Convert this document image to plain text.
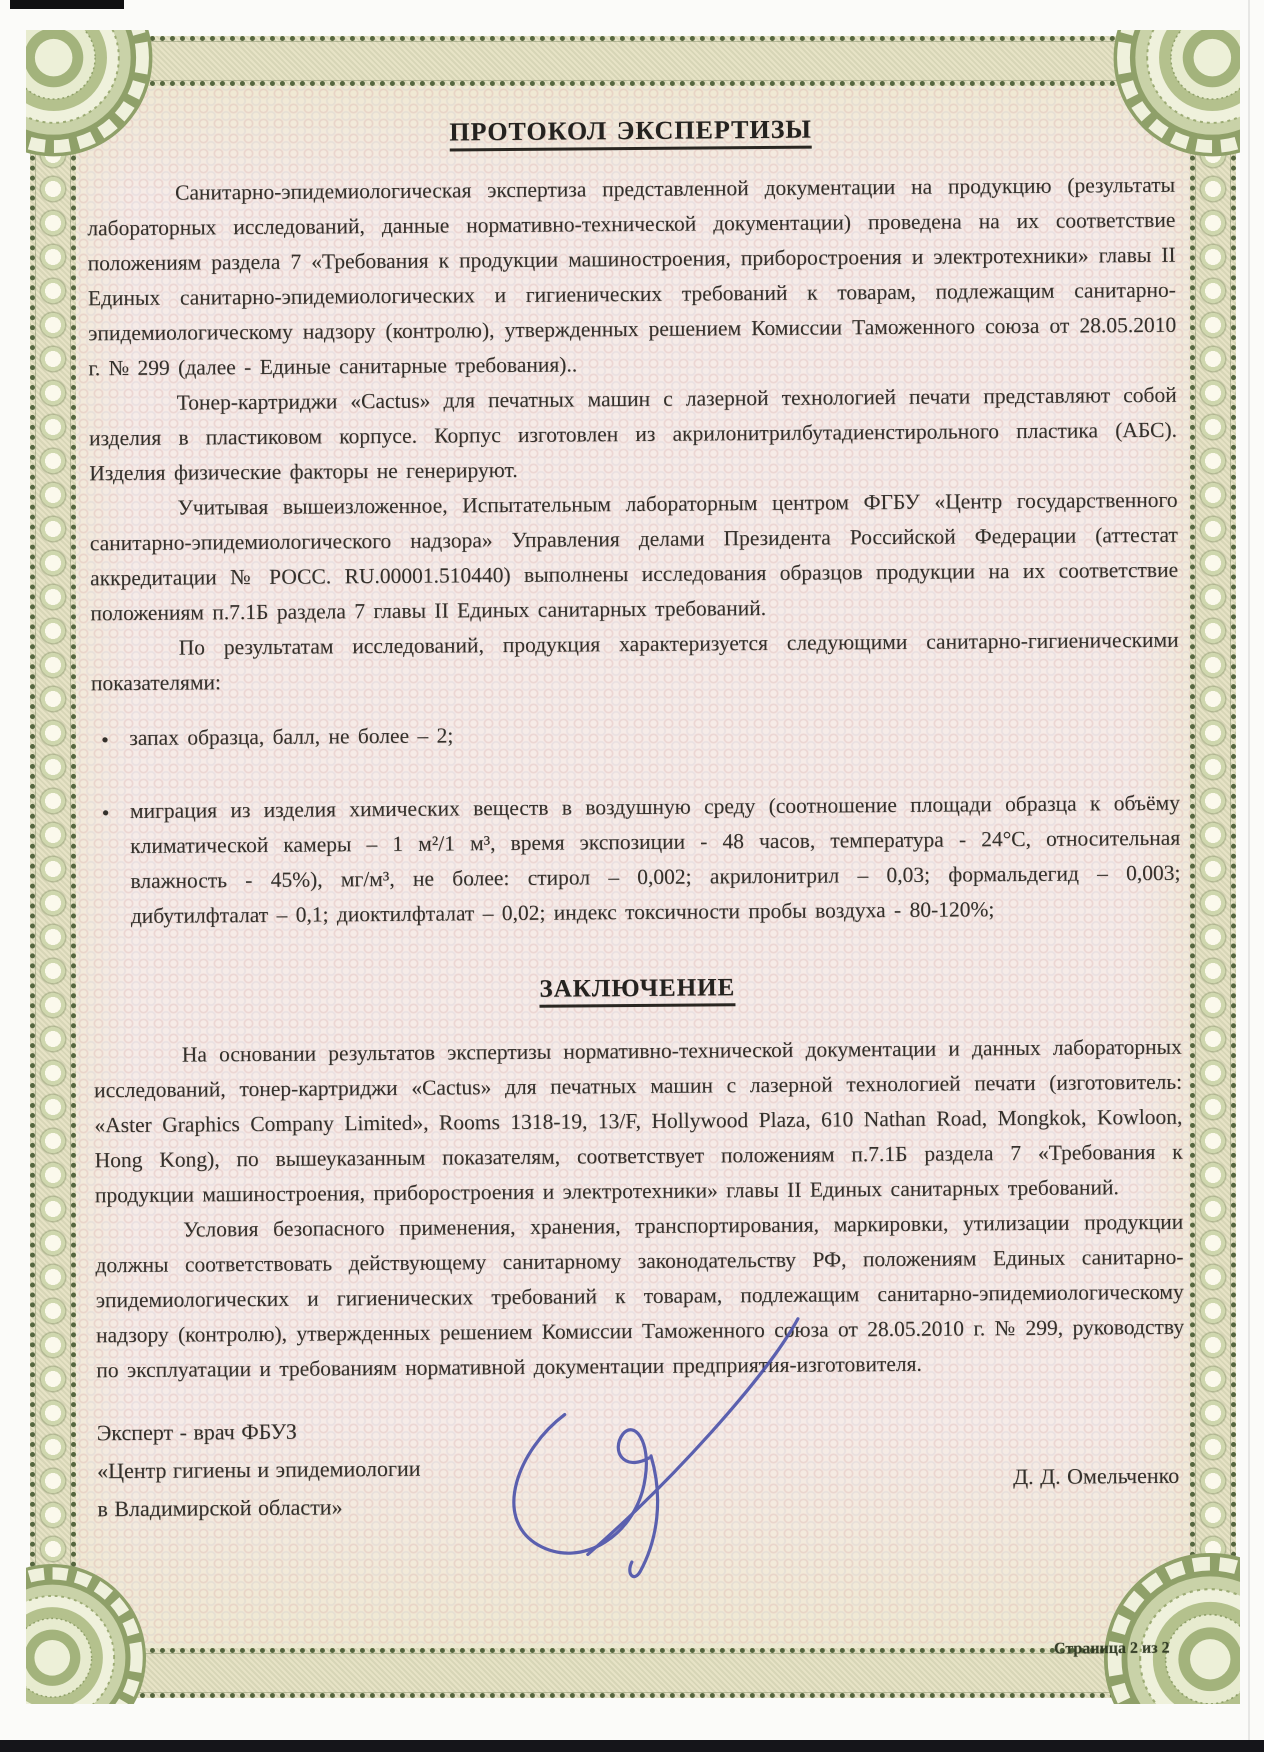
ПРОТОКОЛ ЭКСПЕРТИЗЫ

Санитарно-эпидемиологическая экспертиза представленной документации на продукцию (результаты лабораторных исследований, данные нормативно-технической документации) проведена на их соответствие положениям раздела 7 «Требования к продукции машиностроения, приборостроения и электротехники» главы II Единых санитарно-эпидемиологических и гигиенических требований к товарам, подлежащим санитарно-эпидемиологическому надзору (контролю), утвержденных решением Комиссии Таможенного союза от 28.05.2010 г. № 299 (далее - Единые санитарные требования)..

Тонер-картриджи «Cactus» для печатных машин с лазерной технологией печати представляют собой изделия в пластиковом корпусе. Корпус изготовлен из акрилонитрилбутадиенстирольного пластика (АБС). Изделия физические факторы не генерируют.

Учитывая вышеизложенное, Испытательным лабораторным центром ФГБУ «Центр государственного санитарно-эпидемиологического надзора» Управления делами Президента Российской Федерации (аттестат аккредитации № РОСС. RU.00001.510440) выполнены исследования образцов продукции на их соответствие положениям п.7.1Б раздела 7 главы II Единых санитарных требований.

По результатам исследований, продукция характеризуется следующими санитарно-гигиеническими показателями:

● запах образца, балл, не более – 2;
● миграция из изделия химических веществ в воздушную среду (соотношение площади образца к объёму климатической камеры – 1 м²/1 м³, время экспозиции - 48 часов, температура - 24°С, относительная влажность - 45%), мг/м³, не более: стирол – 0,002; акрилонитрил – 0,03; формальдегид – 0,003; дибутилфталат – 0,1; диоктилфталат – 0,02; индекс токсичности пробы воздуха - 80-120%;
ЗАКЛЮЧЕНИЕ

На основании результатов экспертизы нормативно-технической документации и данных лабораторных исследований, тонер-картриджи «Cactus» для печатных машин с лазерной технологией печати (изготовитель: «Aster Graphics Company Limited», Rooms 1318-19, 13/F, Hollywood Plaza, 610 Nathan Road, Mongkok, Kowloon, Hong Kong), по вышеуказанным показателям, соответствует положениям п.7.1Б раздела 7 «Требования к продукции машиностроения, приборостроения и электротехники» главы II Единых санитарных требований.

Условия безопасного применения, хранения, транспортирования, маркировки, утилизации продукции должны соответствовать действующему санитарному законодательству РФ, положениям Единых санитарно-эпидемиологических и гигиенических требований к товарам, подлежащим санитарно-эпидемиологическому надзору (контролю), утвержденных решением Комиссии Таможенного союза от 28.05.2010 г. № 299, руководству по эксплуатации и требованиям нормативной документации предприятия-изготовителя.

Эксперт - врач ФБУЗ
«Центр гигиены и эпидемиологии
в Владимирской области»
Д. Д. Омельченко
Страница 2 из 2
